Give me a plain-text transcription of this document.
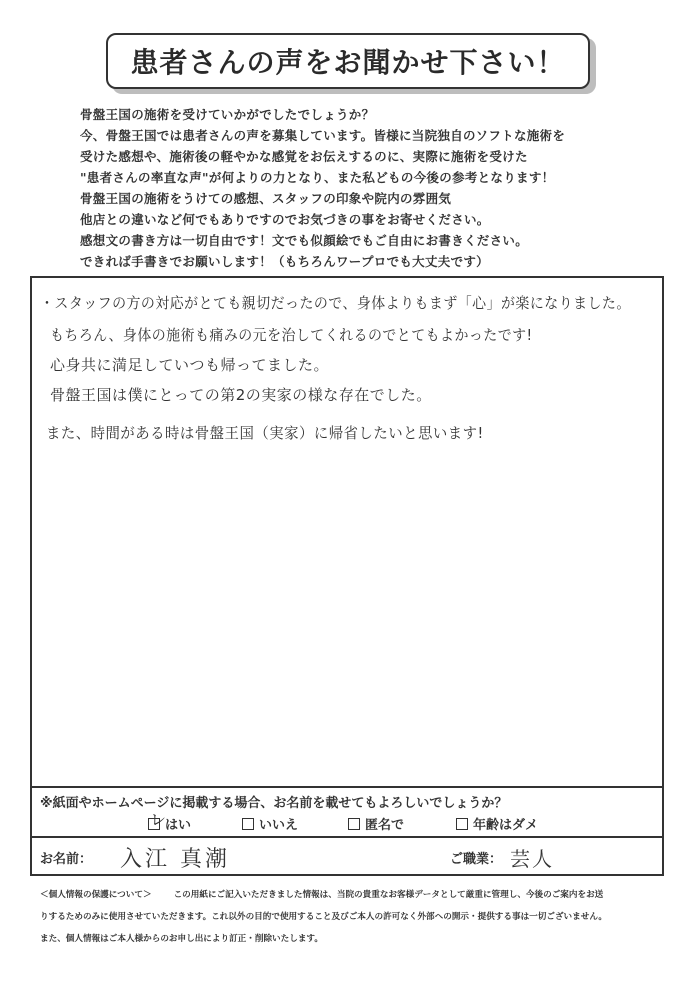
患者さんの声をお聞かせ下さい！
骨盤王国の施術を受けていかがでしたでしょうか？
今、骨盤王国では患者さんの声を募集しています。皆様に当院独自のソフトな施術を
受けた感想や、施術後の軽やかな感覚をお伝えするのに、実際に施術を受けた
"患者さんの率直な声"が何よりの力となり、また私どもの今後の参考となります！
骨盤王国の施術をうけての感想、スタッフの印象や院内の雰囲気
他店との違いなど何でもありですのでお気づきの事をお寄せください。
感想文の書き方は一切自由です！文でも似顔絵でもご自由にお書きください。
できれば手書きでお願いします！（もちろんワープロでも大丈夫です）
・スタッフの方の対応がとても親切だったので、身体よりもまず「心」が楽になりました。
もちろん、身体の施術も痛みの元を治してくれるのでとてもよかったです!
心身共に満足していつも帰ってました。
骨盤王国は僕にとっての第2の実家の様な存在でした。
また、時間がある時は骨盤王国（実家）に帰省したいと思います!
※紙面やホームページに掲載する場合、お名前を載せてもよろしいでしょうか？
レ
はい	いいえ	匿名で	年齢はダメ
お名前： 入江 真潮	ご職業： 芸人
＜個人情報の保護について＞	この用紙にご記入いただきました情報は、当院の貴重なお客様データとして厳重に管理し、今後のご案内をお送
りするためのみに使用させていただきます。これ以外の目的で使用すること及びご本人の許可なく外部への開示・提供する事は一切ございません。
また、個人情報はご本人様からのお申し出により訂正・削除いたします。
